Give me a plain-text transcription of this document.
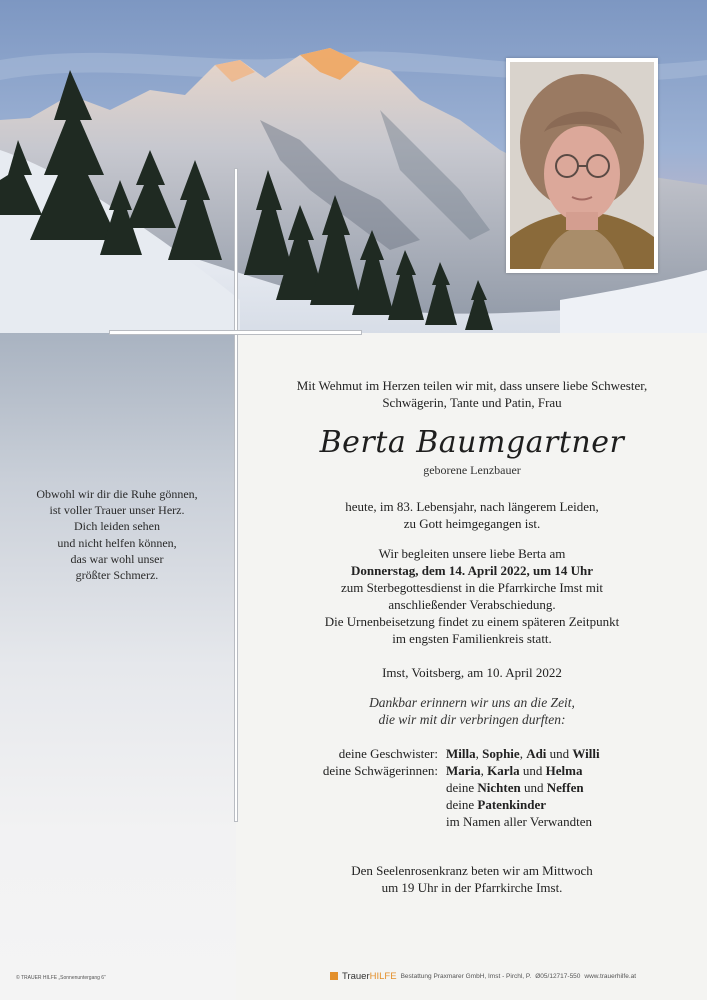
Obwohl wir dir die Ruhe gönnen,
ist voller Trauer unser Herz.
Dich leiden sehen
und nicht helfen können,
das war wohl unser
größter Schmerz.
Mit Wehmut im Herzen teilen wir mit, dass unsere liebe Schwester,
Schwägerin, Tante und Patin, Frau
Berta Baumgartner
geborene Lenzbauer
heute, im 83. Lebensjahr, nach längerem Leiden,
zu Gott heimgegangen ist.
Wir begleiten unsere liebe Berta am
Donnerstag, dem 14. April 2022, um 14 Uhr
zum Sterbegottesdienst in die Pfarrkirche Imst mit
anschließender Verabschiedung.
Die Urnenbeisetzung findet zu einem späteren Zeitpunkt
im engsten Familienkreis statt.
Imst, Voitsberg, am 10. April 2022
Dankbar erinnern wir uns an die Zeit,
die wir mit dir verbringen durften:
deine Geschwister:
deine Schwägerinnen:
Milla, Sophie, Adi und Willi
Maria, Karla und Helma
deine Nichten und Neffen
deine Patenkinder
im Namen aller Verwandten
Den Seelenrosenkranz beten wir am Mittwoch
um 19 Uhr in der Pfarrkirche Imst.
© TRAUER HILFE „Sonnenuntergang 6“	TrauerHILFE Bestattung Praxmarer GmbH, Imst - Pirchl, P. Ø05/12717-550 www.trauerhilfe.at
